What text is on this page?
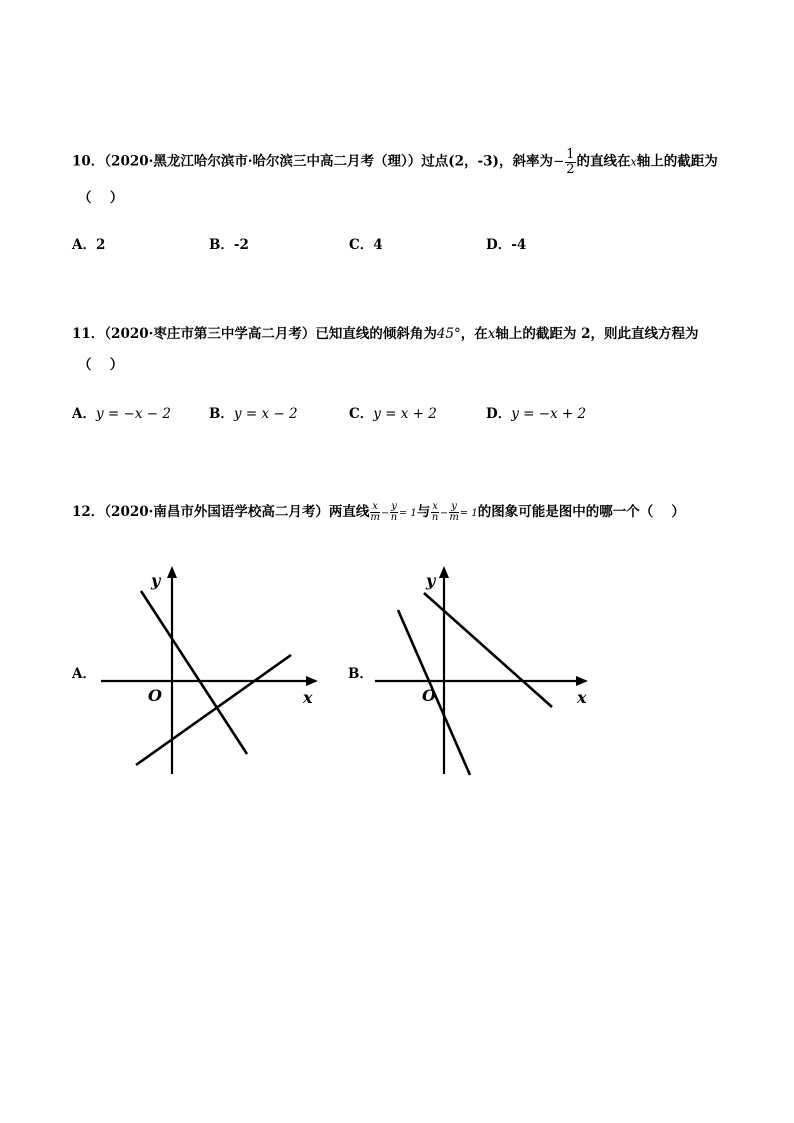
10．（2020·黑龙江哈尔滨市·哈尔滨三中高二月考（理））过点(2，-3)，斜率为− $\frac{1}{2}$ 的直线在x轴上的截距为
（　 ）
A．2	B．-2	C．4	D．-4
11．（2020·枣庄市第三中学高二月考）已知直线的倾斜角为45°，在x轴上的截距为 2，则此直线方程为
（　 ）
A．y = −x − 2	B．y = x − 2	C．y = x + 2	D．y = −x + 2
12．（2020·南昌市外国语学校高二月考）两直线 $\frac{x}{m} - \frac{y}{n} = 1$与 $\frac{x}{n} - \frac{y}{m} = 1$的图象可能是图中的哪一个（　 ）
A．
y
x
O
B．
y
x
O
